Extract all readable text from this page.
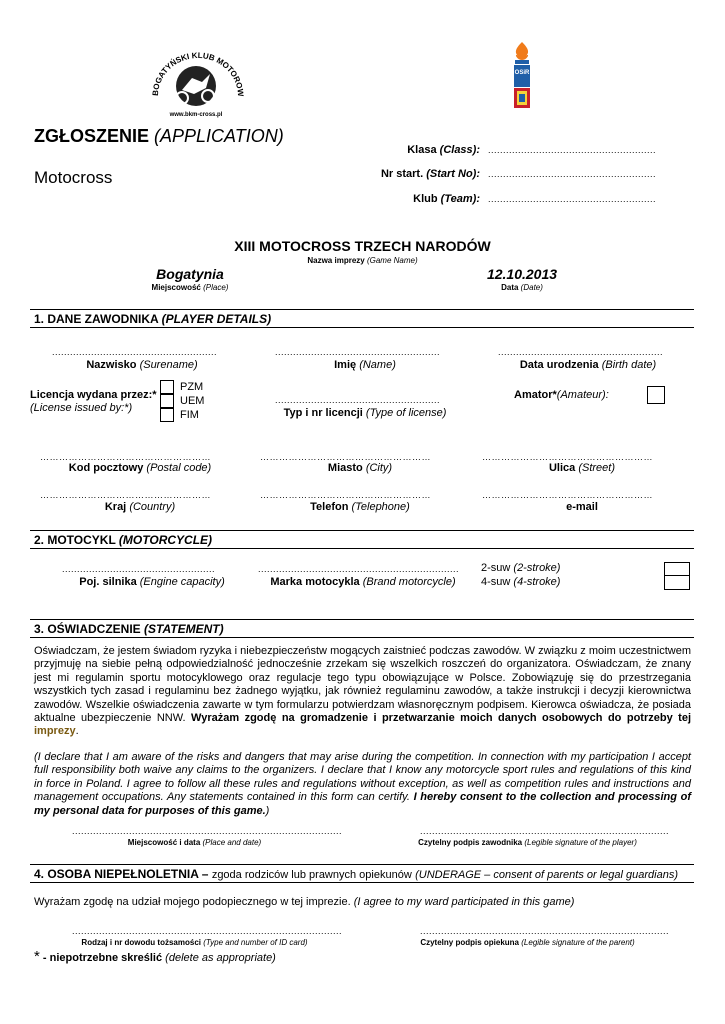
BOGATYŃSKI KLUB MOTOROW
www.bkm-cross.pl
OSiR
ZGŁOSZENIE (APPLICATION)
Motocross
Klasa (Class): ........................................................
Nr start. (Start No): ........................................................
Klub (Team): ........................................................
XIII MOTOCROSS TRZECH NARODÓW
Nazwa imprezy (Game Name)
Bogatynia
Miejscowość (Place)
12.10.2013
Data (Date)
1. DANE ZAWODNIKA (PLAYER DETAILS)
.......................................................
Nazwisko (Surename)
.......................................................
Imię (Name)
.......................................................
Data urodzenia (Birth date)
Licencja wydana przez:*
(License issued by:*)
PZM
UEM
FIM
.......................................................
Typ i nr licencji (Type of license)
Amator*(Amateur):
………………………………………………
Kod pocztowy (Postal code)
………………………………………………
Miasto (City)
………………………………………………
Ulica (Street)
………………………………………………
Kraj (Country)
………………………………………………
Telefon (Telephone)
………………………………………………
e-mail
2. MOTOCYKL (MOTORCYCLE)
...................................................
Poj. silnika (Engine capacity)
...................................................................
Marka motocykla (Brand motorcycle)
2-suw (2-stroke)
4-suw (4-stroke)
3. OŚWIADCZENIE (STATEMENT)
Oświadczam, że jestem świadom ryzyka i niebezpieczeństw mogących zaistnieć podczas zawodów. W związku z moim uczestnictwem przyjmuję na siebie pełną odpowiedzialność jednocześnie zrzekam się wszelkich roszczeń do organizatora. Oświadczam, że znany jest mi regulamin sportu motocyklowego oraz regulacje tego typu obowiązujące w Polsce. Zobowiązuję się do przestrzegania wszystkich tych zasad i regulaminu bez żadnego wyjątku, jak również regulaminu zawodów, a także instrukcji i decyzji kierownictwa zawodów. Wszelkie oświadczenia zawarte w tym formularzu potwierdzam własnoręcznym podpisem. Kierowca oświadcza, że posiada aktualne ubezpieczenie NNW. Wyrażam zgodę na gromadzenie i przetwarzanie moich danych osobowych do potrzeby tej imprezy.
(I declare that I am aware of the risks and dangers that may arise during the competition. In connection with my participation I accept full responsibility both waive any claims to the organizers. I declare that I know any motorcycle sport rules and regulations of this kind in force in Poland. I agree to follow all these rules and regulations without exception, as well as competition rules and instructions and management occupations. Any statements contained in this form can certify. I hereby consent to the collection and processing of my personal data for purposes of this game.)
..........................................................................................
Miejscowość i data (Place and date)
...................................................................................
Czytelny podpis zawodnika (Legible signature of the player)
4. OSOBA NIEPEŁNOLETNIA – zgoda rodziców lub prawnych opiekunów (UNDERAGE – consent of parents or legal guardians)
Wyrażam zgodę na udział mojego podopiecznego w tej imprezie. (I agree to my ward participated in this game)
..........................................................................................
Rodzaj i nr dowodu tożsamości (Type and number of ID card)
...................................................................................
Czytelny podpis opiekuna (Legible signature of the parent)
* - niepotrzebne skreślić (delete as appropriate)
